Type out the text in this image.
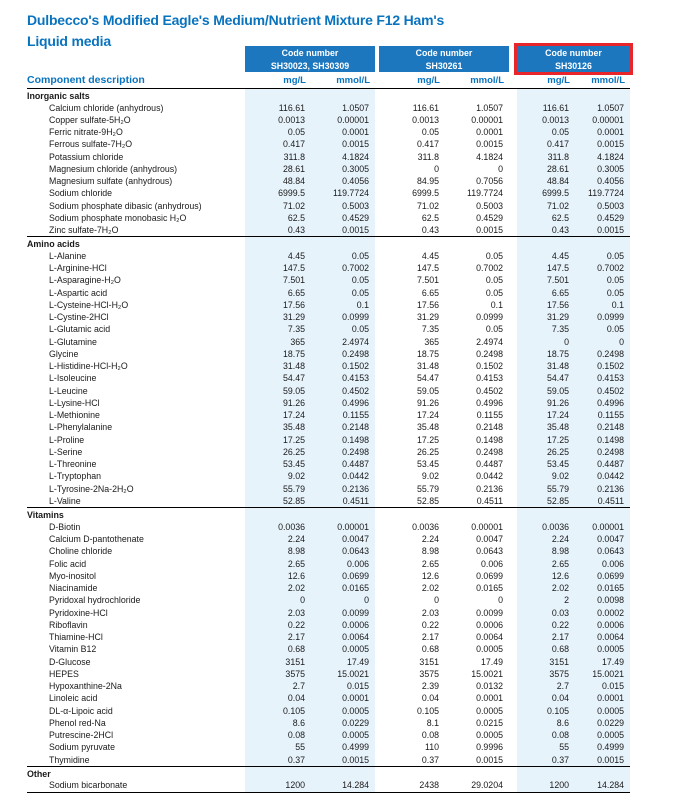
Dulbecco's Modified Eagle's Medium/Nutrient Mixture F12 Ham's
Liquid media
Code number
SH30023, SH30309
Code number
SH30261
Code number
SH30126
Component description	mg/L	mmol/L	mg/L	mmol/L	mg/L	mmol/L
Inorganic salts
Calcium chloride (anhydrous)	116.61	1.0507	116.61	1.0507	116.61	1.0507
Copper sulfate-5H₂O	0.0013	0.00001	0.0013	0.00001	0.0013	0.00001
Ferric nitrate-9H₂O	0.05	0.0001	0.05	0.0001	0.05	0.0001
Ferrous sulfate-7H₂O	0.417	0.0015	0.417	0.0015	0.417	0.0015
Potassium chloride	311.8	4.1824	311.8	4.1824	311.8	4.1824
Magnesium chloride (anhydrous)	28.61	0.3005	0	0	28.61	0.3005
Magnesium sulfate (anhydrous)	48.84	0.4056	84.95	0.7056	48.84	0.4056
Sodium chloride	6999.5	119.7724	6999.5	119.7724	6999.5	119.7724
Sodium phosphate dibasic (anhydrous)	71.02	0.5003	71.02	0.5003	71.02	0.5003
Sodium phosphate monobasic H₂O	62.5	0.4529	62.5	0.4529	62.5	0.4529
Zinc sulfate-7H₂O	0.43	0.0015	0.43	0.0015	0.43	0.0015
Amino acids
L-Alanine	4.45	0.05	4.45	0.05	4.45	0.05
L-Arginine-HCl	147.5	0.7002	147.5	0.7002	147.5	0.7002
L-Asparagine-H₂O	7.501	0.05	7.501	0.05	7.501	0.05
L-Aspartic acid	6.65	0.05	6.65	0.05	6.65	0.05
L-Cysteine-HCl-H₂O	17.56	0.1	17.56	0.1	17.56	0.1
L-Cystine-2HCl	31.29	0.0999	31.29	0.0999	31.29	0.0999
L-Glutamic acid	7.35	0.05	7.35	0.05	7.35	0.05
L-Glutamine	365	2.4974	365	2.4974	0	0
Glycine	18.75	0.2498	18.75	0.2498	18.75	0.2498
L-Histidine-HCl-H₂O	31.48	0.1502	31.48	0.1502	31.48	0.1502
L-Isoleucine	54.47	0.4153	54.47	0.4153	54.47	0.4153
L-Leucine	59.05	0.4502	59.05	0.4502	59.05	0.4502
L-Lysine-HCl	91.26	0.4996	91.26	0.4996	91.26	0.4996
L-Methionine	17.24	0.1155	17.24	0.1155	17.24	0.1155
L-Phenylalanine	35.48	0.2148	35.48	0.2148	35.48	0.2148
L-Proline	17.25	0.1498	17.25	0.1498	17.25	0.1498
L-Serine	26.25	0.2498	26.25	0.2498	26.25	0.2498
L-Threonine	53.45	0.4487	53.45	0.4487	53.45	0.4487
L-Tryptophan	9.02	0.0442	9.02	0.0442	9.02	0.0442
L-Tyrosine-2Na-2H₂O	55.79	0.2136	55.79	0.2136	55.79	0.2136
L-Valine	52.85	0.4511	52.85	0.4511	52.85	0.4511
Vitamins
D-Biotin	0.0036	0.00001	0.0036	0.00001	0.0036	0.00001
Calcium D-pantothenate	2.24	0.0047	2.24	0.0047	2.24	0.0047
Choline chloride	8.98	0.0643	8.98	0.0643	8.98	0.0643
Folic acid	2.65	0.006	2.65	0.006	2.65	0.006
Myo-inositol	12.6	0.0699	12.6	0.0699	12.6	0.0699
Niacinamide	2.02	0.0165	2.02	0.0165	2.02	0.0165
Pyridoxal hydrochloride	0	0	0	0	2	0.0098
Pyridoxine-HCl	2.03	0.0099	2.03	0.0099	0.03	0.0002
Riboflavin	0.22	0.0006	0.22	0.0006	0.22	0.0006
Thiamine-HCl	2.17	0.0064	2.17	0.0064	2.17	0.0064
Vitamin B12	0.68	0.0005	0.68	0.0005	0.68	0.0005
D-Glucose	3151	17.49	3151	17.49	3151	17.49
HEPES	3575	15.0021	3575	15.0021	3575	15.0021
Hypoxanthine-2Na	2.7	0.015	2.39	0.0132	2.7	0.015
Linoleic acid	0.04	0.0001	0.04	0.0001	0.04	0.0001
DL-α-Lipoic acid	0.105	0.0005	0.105	0.0005	0.105	0.0005
Phenol red-Na	8.6	0.0229	8.1	0.0215	8.6	0.0229
Putrescine-2HCl	0.08	0.0005	0.08	0.0005	0.08	0.0005
Sodium pyruvate	55	0.4999	110	0.9996	55	0.4999
Thymidine	0.37	0.0015	0.37	0.0015	0.37	0.0015
Other
Sodium bicarbonate	1200	14.284	2438	29.0204	1200	14.284
